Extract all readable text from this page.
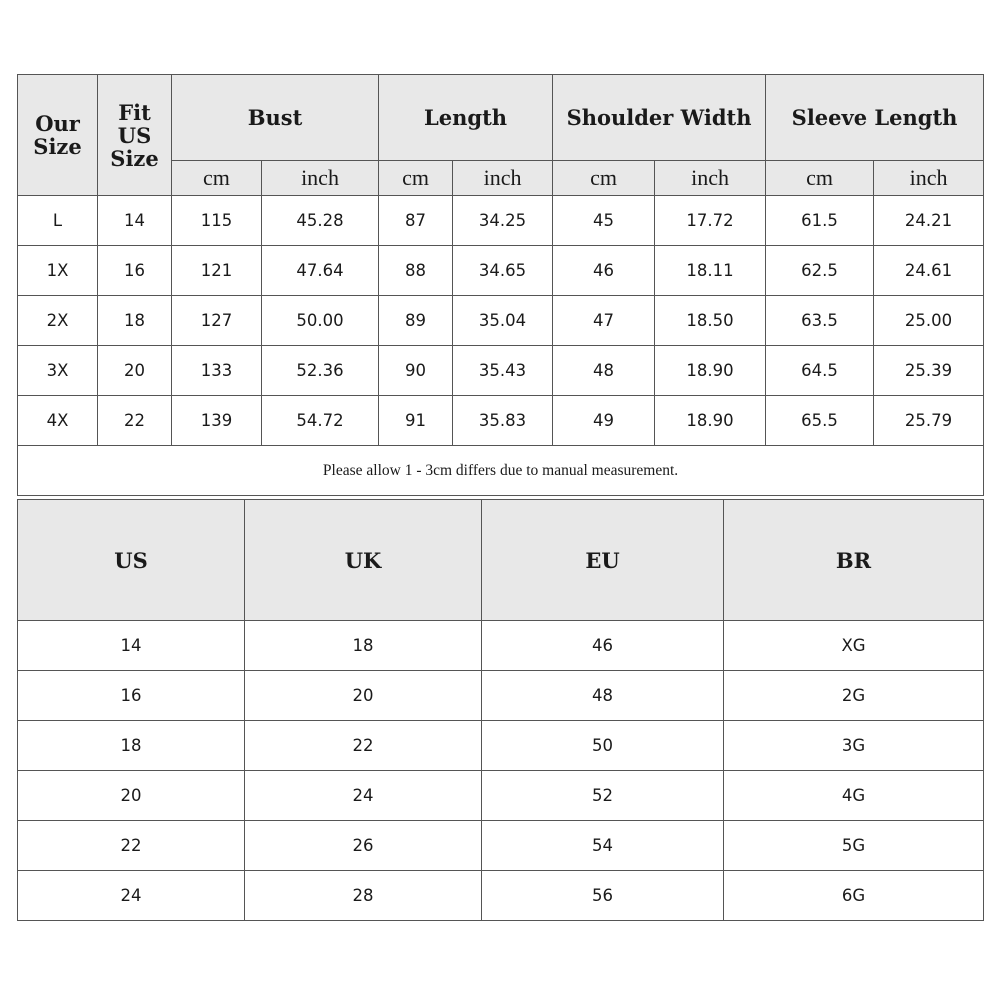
Our Size	Fit US Size	Bust		Length		Shoulder Width		Sleeve Length	
		cm	inch	cm	inch	cm	inch	cm	inch
L	14	115	45.28	87	34.25	45	17.72	61.5	24.21
1X	16	121	47.64	88	34.65	46	18.11	62.5	24.61
2X	18	127	50.00	89	35.04	47	18.50	63.5	25.00
3X	20	133	52.36	90	35.43	48	18.90	64.5	25.39
4X	22	139	54.72	91	35.83	49	18.90	65.5	25.79
Please allow 1 - 3cm differs due to manual measurement.									
US	UK	EU	BR
14	18	46	XG
16	20	48	2G
18	22	50	3G
20	24	52	4G
22	26	54	5G
24	28	56	6G
